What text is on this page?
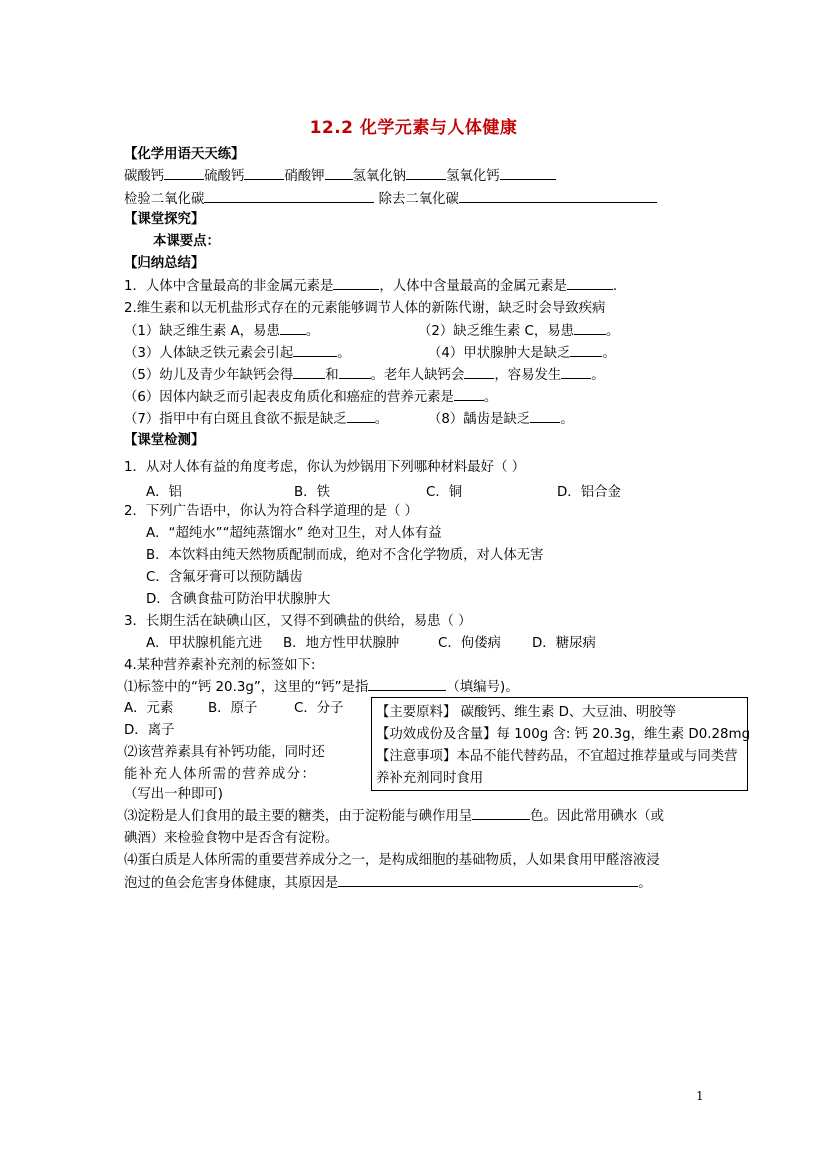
12.2 化学元素与人体健康
【化学用语天天练】
碳酸钙	硫酸钙	硝酸钾 氢氧化钠	氢氧化钙
检验二氧化碳	除去二氧化碳
【课堂探究】
本课要点：
【归纳总结】
1．人体中含量最高的非金属元素是	，人体中含量最高的金属元素是	.
2.维生素和以无机盐形式存在的元素能够调节人体的新陈代谢，缺乏时会导致疾病
（1）缺乏维生素 A，易患 。	（2）缺乏维生素 C，易患 。
（3）人体缺乏铁元素会引起	。	（4）甲状腺肿大是缺乏 。
（5）幼儿及青少年缺钙会得 和 。老年人缺钙会 ，容易发生 。
（6）因体内缺乏而引起表皮角质化和癌症的营养元素是 。
（7）指甲中有白斑且食欲不振是缺乏 。	（8）龋齿是缺乏 。
【课堂检测】
1．从对人体有益的角度考虑，你认为炒锅用下列哪种材料最好（ ）
A．铝	B．铁	C．铜	D．铝合金
2．下列广告语中，你认为符合科学道理的是（ ）
A．“超纯水”“超纯蒸馏水” 绝对卫生，对人体有益
B．本饮料由纯天然物质配制而成，绝对不含化学物质，对人体无害
C．含氟牙膏可以预防龋齿
D．含碘食盐可防治甲状腺肿大
3．长期生活在缺碘山区，又得不到碘盐的供给，易患（ ）
A．甲状腺机能亢进 B．地方性甲状腺肿	C．佝偻病 D．糖尿病
4.某种营养素补充剂的标签如下:
⑴标签中的“钙 20.3g”，这里的“钙”是指	（填编号)。
A．元素	B．原子	C．分子
D．离子
⑵该营养素具有补钙功能，同时还
能补充人体所需的营养成分：
（写出一种即可)
【主要原料】 碳酸钙、维生素 D、大豆油、明胶等
【功效成份及含量】每 100g 含: 钙 20.3g，维生素 D0.28mg
【注意事项】本品不能代替药品，不宜超过推荐量或与同类营养补充剂同时食用
⑶淀粉是人们食用的最主要的糖类，由于淀粉能与碘作用呈	色。因此常用碘水（或
碘酒）来检验食物中是否含有淀粉。
⑷蛋白质是人体所需的重要营养成分之一，是构成细胞的基础物质，人如果食用甲醛溶液浸
泡过的鱼会危害身体健康，其原因是	。
1
